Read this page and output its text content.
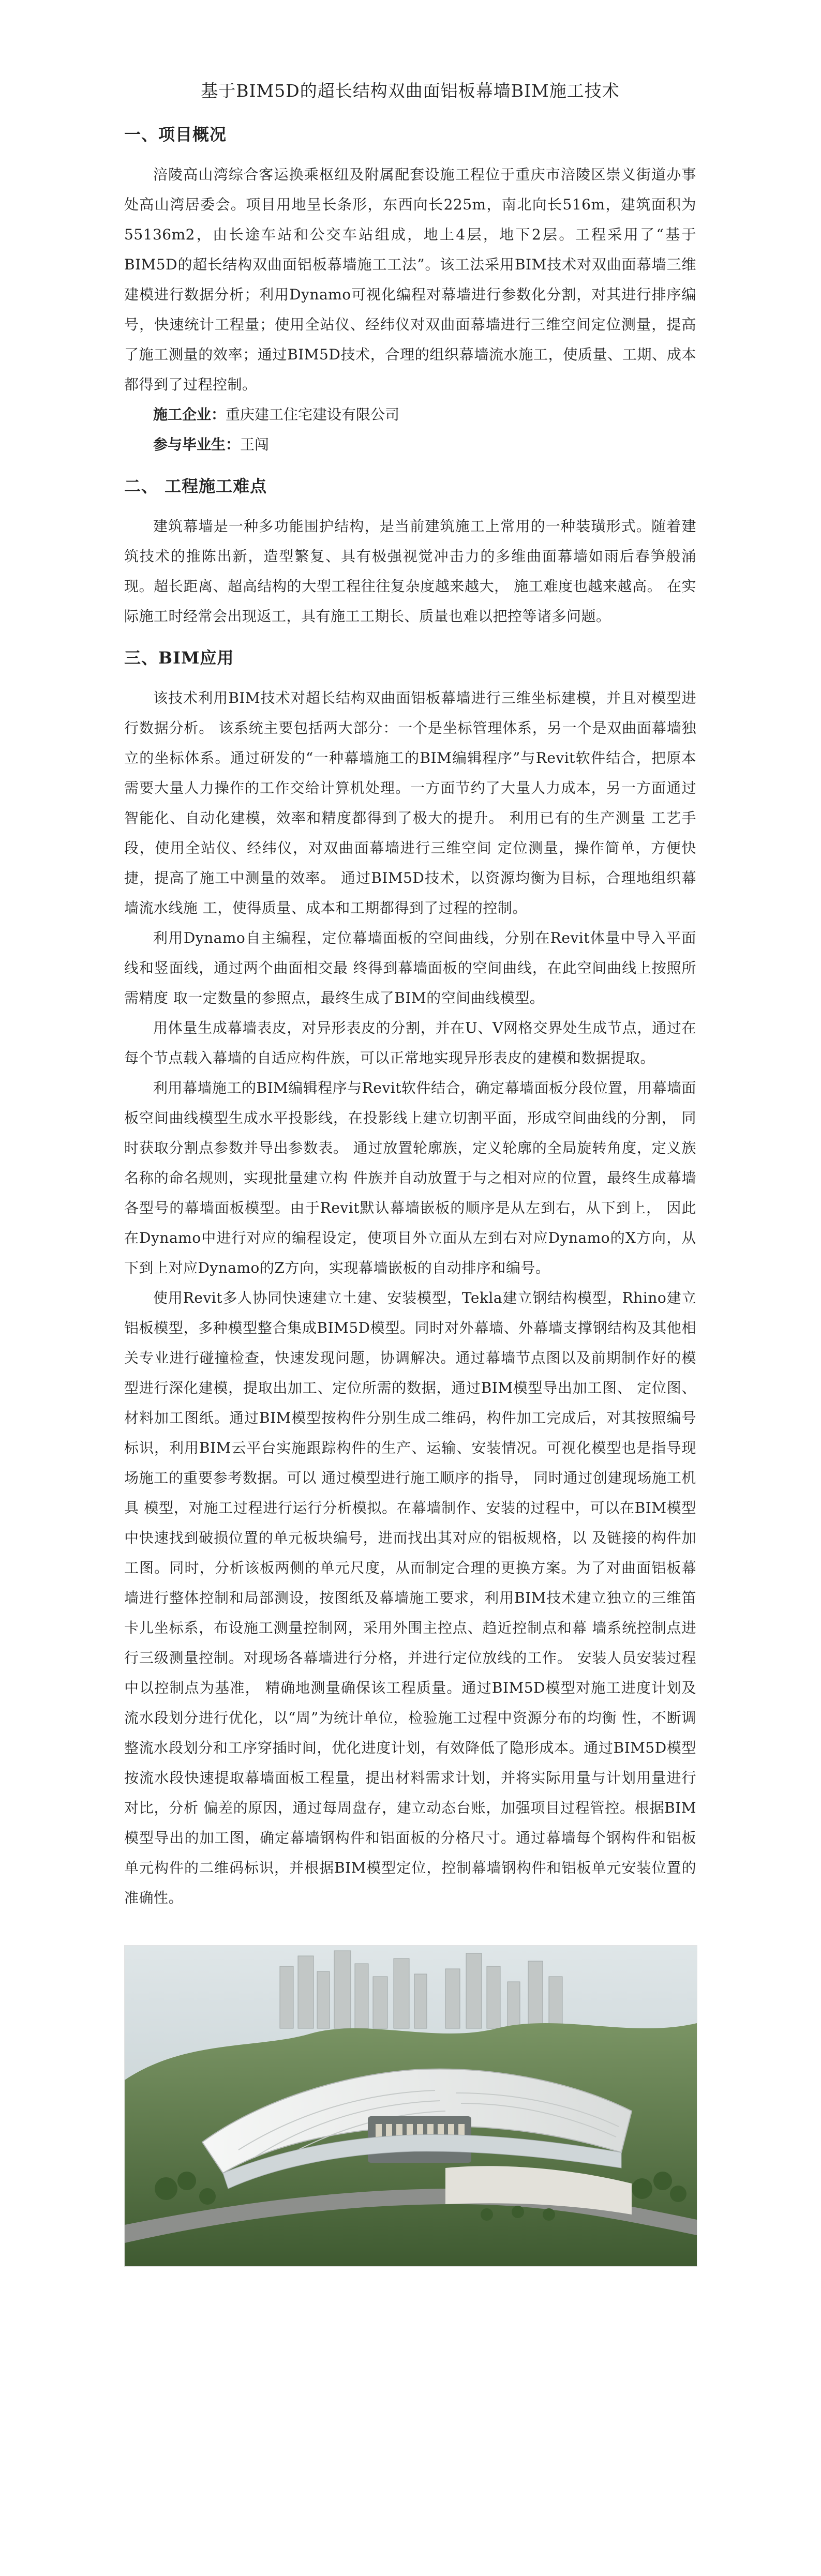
基于BIM5D的超长结构双曲面铝板幕墙BIM施工技术
一、项目概况

涪陵高山湾综合客运换乘枢纽及附属配套设施工程位于重庆市涪陵区崇义街道办事处高山湾居委会。项目用地呈长条形，东西向长225m，南北向长516m，建筑面积为55136m2，由长途车站和公交车站组成，地上4层，地下2层。工程采用了“基于BIM5D的超长结构双曲面铝板幕墙施工工法”。该工法采用BIM技术对双曲面幕墙三维建模进行数据分析；利用Dynamo可视化编程对幕墙进行参数化分割，对其进行排序编号，快速统计工程量；使用全站仪、经纬仪对双曲面幕墙进行三维空间定位测量，提高了施工测量的效率；通过BIM5D技术，合理的组织幕墙流水施工，使质量、工期、成本都得到了过程控制。

施工企业：重庆建工住宅建设有限公司

参与毕业生：王闯

二、 工程施工难点

建筑幕墙是一种多功能围护结构，是当前建筑施工上常用的一种装璜形式。随着建筑技术的推陈出新，造型繁复、具有极强视觉冲击力的多维曲面幕墙如雨后春笋般涌现。超长距离、超高结构的大型工程往往复杂度越来越大， 施工难度也越来越高。 在实际施工时经常会出现返工，具有施工工期长、质量也难以把控等诸多问题。

三、BIM应用

该技术利用BIM技术对超长结构双曲面铝板幕墙进行三维坐标建模，并且对模型进行数据分析。 该系统主要包括两大部分：一个是坐标管理体系，另一个是双曲面幕墙独立的坐标体系。通过研发的“一种幕墙施工的BIM编辑程序”与Revit软件结合，把原本需要大量人力操作的工作交给计算机处理。一方面节约了大量人力成本，另一方面通过智能化、自动化建模，效率和精度都得到了极大的提升。 利用已有的生产测量 工艺手段，使用全站仪、经纬仪，对双曲面幕墙进行三维空间 定位测量，操作简单，方便快捷，提高了施工中测量的效率。 通过BIM5D技术，以资源均衡为目标，合理地组织幕墙流水线施 工，使得质量、成本和工期都得到了过程的控制。

利用Dynamo自主编程，定位幕墙面板的空间曲线，分别在Revit体量中导入平面线和竖面线，通过两个曲面相交最 终得到幕墙面板的空间曲线，在此空间曲线上按照所需精度 取一定数量的参照点，最终生成了BIM的空间曲线模型。

用体量生成幕墙表皮，对异形表皮的分割，并在U、V网格交界处生成节点，通过在每个节点载入幕墙的自适应构件族，可以正常地实现异形表皮的建模和数据提取。

利用幕墙施工的BIM编辑程序与Revit软件结合，确定幕墙面板分段位置，用幕墙面板空间曲线模型生成水平投影线，在投影线上建立切割平面，形成空间曲线的分割， 同时获取分割点参数并导出参数表。 通过放置轮廓族，定义轮廓的全局旋转角度，定义族名称的命名规则，实现批量建立构 件族并自动放置于与之相对应的位置，最终生成幕墙各型号的幕墙面板模型。由于Revit默认幕墙嵌板的顺序是从左到右，从下到上， 因此在Dynamo中进行对应的编程设定，使项目外立面从左到右对应Dynamo的X方向，从下到上对应Dynamo的Z方向，实现幕墙嵌板的自动排序和编号。

使用Revit多人协同快速建立土建、安装模型，Tekla建立钢结构模型，Rhino建立铝板模型，多种模型整合集成BIM5D模型。同时对外幕墙、外幕墙支撑钢结构及其他相关专业进行碰撞检查，快速发现问题，协调解决。通过幕墙节点图以及前期制作好的模型进行深化建模，提取出加工、定位所需的数据，通过BIM模型导出加工图、 定位图、材料加工图纸。通过BIM模型按构件分别生成二维码，构件加工完成后，对其按照编号标识，利用BIM云平台实施跟踪构件的生产、运输、安装情况。可视化模型也是指导现场施工的重要参考数据。可以 通过模型进行施工顺序的指导， 同时通过创建现场施工机具 模型，对施工过程进行运行分析模拟。在幕墙制作、安装的过程中，可以在BIM模型中快速找到破损位置的单元板块编号，进而找出其对应的铝板规格，以 及链接的构件加工图。同时，分析该板两侧的单元尺度，从而制定合理的更换方案。为了对曲面铝板幕墙进行整体控制和局部测设，按图纸及幕墙施工要求，利用BIM技术建立独立的三维笛卡儿坐标系，布设施工测量控制网，采用外围主控点、趋近控制点和幕 墙系统控制点进行三级测量控制。对现场各幕墙进行分格，并进行定位放线的工作。 安装人员安装过程中以控制点为基准， 精确地测量确保该工程质量。通过BIM5D模型对施工进度计划及流水段划分进行优化，以“周”为统计单位，检验施工过程中资源分布的均衡 性，不断调整流水段划分和工序穿插时间，优化进度计划，有效降低了隐形成本。通过BIM5D模型按流水段快速提取幕墙面板工程量，提出材料需求计划，并将实际用量与计划用量进行对比，分析 偏差的原因，通过每周盘存，建立动态台账，加强项目过程管控。根据BIM模型导出的加工图，确定幕墙钢构件和铝面板的分格尺寸。通过幕墙每个钢构件和铝板单元构件的二维码标识，并根据BIM模型定位，控制幕墙钢构件和铝板单元安装位置的准确性。
